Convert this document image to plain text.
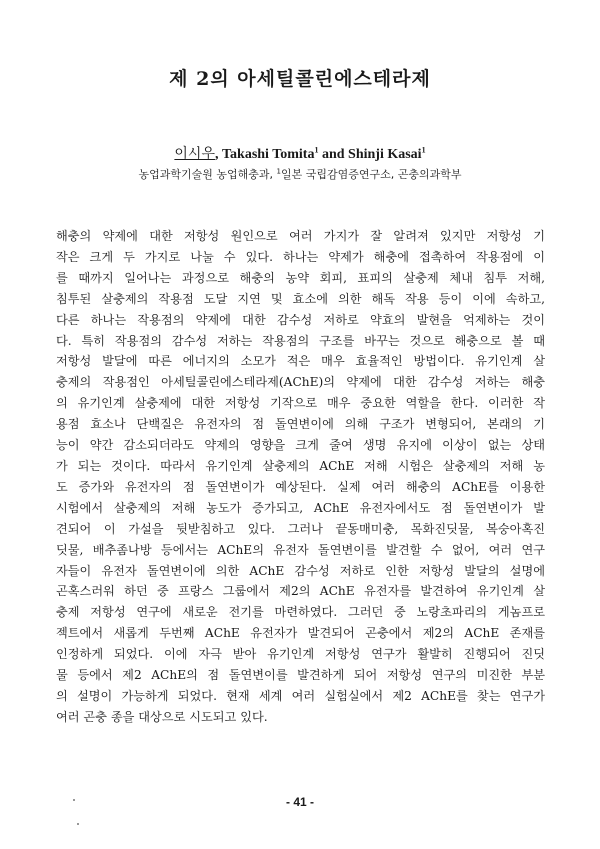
제 2의 아세틸콜린에스테라제
이시우, Takashi Tomita$^1$ and Shinji Kasai$^1$
농업과학기술원 농업해충과, $^1$일본 국립감염증연구소, 곤충의과학부
해충의 약제에 대한 저항성 원인으로 여러 가지가 잘 알려져 있지만 저항성 기
작은 크게 두 가지로 나눌 수 있다. 하나는 약제가 해충에 접촉하여 작용점에 이
를 때까지 일어나는 과정으로 해충의 농약 회피, 표피의 살충제 체내 침투 저해,
침투된 살충제의 작용점 도달 지연 및 효소에 의한 해독 작용 등이 이에 속하고,
다른 하나는 작용점의 약제에 대한 감수성 저하로 약효의 발현을 억제하는 것이
다. 특히 작용점의 감수성 저하는 작용점의 구조를 바꾸는 것으로 해충으로 볼 때
저항성 발달에 따른 에너지의 소모가 적은 매우 효율적인 방법이다. 유기인계 살
충제의 작용점인 아세틸콜린에스테라제(AChE)의 약제에 대한 감수성 저하는 해충
의 유기인계 살충제에 대한 저항성 기작으로 매우 중요한 역할을 한다. 이러한 작
용점 효소나 단백질은 유전자의 점 돌연변이에 의해 구조가 변형되어, 본래의 기
능이 약간 감소되더라도 약제의 영향을 크게 줄여 생명 유지에 이상이 없는 상태
가 되는 것이다. 따라서 유기인계 살충제의 AChE 저해 시험은 살충제의 저해 농
도 증가와 유전자의 점 돌연변이가 예상된다. 실제 여러 해충의 AChE를 이용한
시험에서 살충제의 저해 농도가 증가되고, AChE 유전자에서도 점 돌연변이가 발
견되어 이 가설을 뒷받침하고 있다. 그러나 끝동매미충, 목화진딧물, 복숭아혹진
딧물, 배추좀나방 등에서는 AChE의 유전자 돌연변이를 발견할 수 없어, 여러 연구
자들이 유전자 돌연변이에 의한 AChE 감수성 저하로 인한 저항성 발달의 설명에
곤혹스러워 하던 중 프랑스 그룹에서 제2의 AChE 유전자를 발견하여 유기인계 살
충제 저항성 연구에 새로운 전기를 마련하였다. 그러던 중 노랑초파리의 게놈프로
젝트에서 새롭게 두번째 AChE 유전자가 발견되어 곤충에서 제2의 AChE 존재를
인정하게 되었다. 이에 자극 받아 유기인계 저항성 연구가 활발히 진행되어 진딧
물 등에서 제2 AChE의 점 돌연변이를 발견하게 되어 저항성 연구의 미진한 부분
의 설명이 가능하게 되었다. 현재 세계 여러 실험실에서 제2 AChE를 찾는 연구가
여러 곤충 종을 대상으로 시도되고 있다.
- 41 -
